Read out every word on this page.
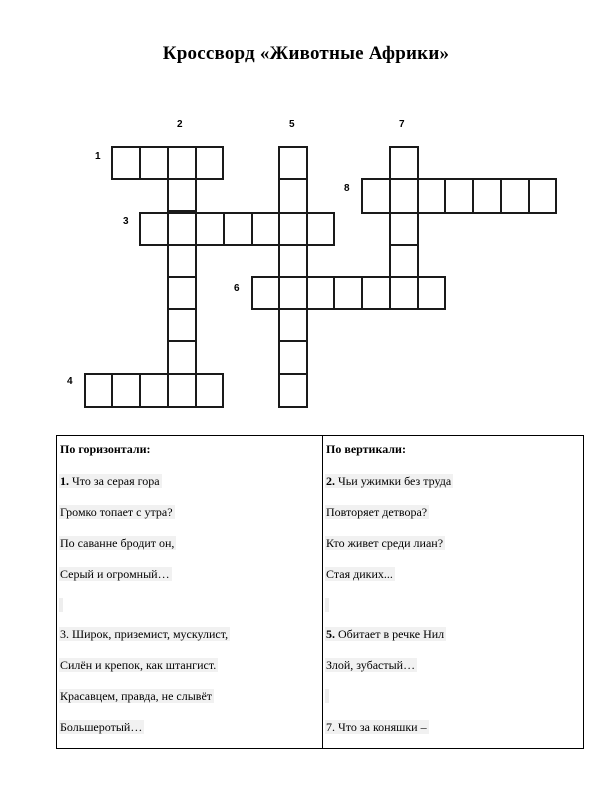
Кроссворд «Животные Африки»
2	5	7
1
8
3
6
4
По горизонтали:
1. Что за серая гора
Громко топает с утра?
По саванне бродит он,
Серый и огромный…
3. Широк, приземист, мускулист,
Силён и крепок, как штангист.
Красавцем, правда, не слывёт
Большеротый…
По вертикали:
2. Чьи ужимки без труда
Повторяет детвора?
Кто живет среди лиан?
Стая диких...
5. Обитает в речке Нил
Злой, зубастый…
7. Что за коняшки –
